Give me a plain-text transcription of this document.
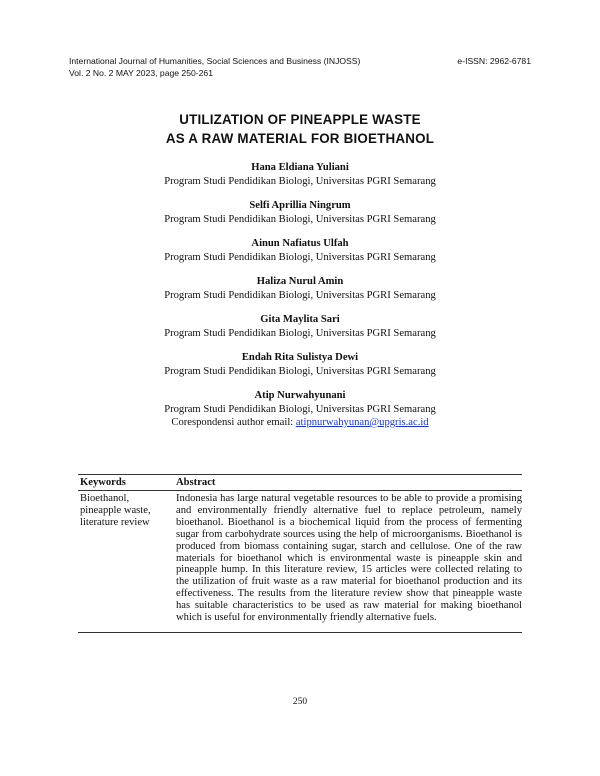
International Journal of Humanities, Social Sciences and Business (INJOSS)	e-ISSN: 2962-6781
Vol. 2 No. 2 MAY 2023, page 250-261
UTILIZATION OF PINEAPPLE WASTE
AS A RAW MATERIAL FOR BIOETHANOL
Hana Eldiana Yuliani
Program Studi Pendidikan Biologi, Universitas PGRI Semarang
Selfi Aprillia Ningrum
Program Studi Pendidikan Biologi, Universitas PGRI Semarang
Ainun Nafiatus Ulfah
Program Studi Pendidikan Biologi, Universitas PGRI Semarang
Haliza Nurul Amin
Program Studi Pendidikan Biologi, Universitas PGRI Semarang
Gita Maylita Sari
Program Studi Pendidikan Biologi, Universitas PGRI Semarang
Endah Rita Sulistya Dewi
Program Studi Pendidikan Biologi, Universitas PGRI Semarang
Atip Nurwahyunani
Program Studi Pendidikan Biologi, Universitas PGRI Semarang
Corespondensi author email: atipnurwahyunan@upgris.ac.id
Keywords	Abstract
Bioethanol,
pineapple waste,
literature review

Indonesia has large natural vegetable resources to be able to provide a promising and environmentally friendly alternative fuel to replace petroleum, namely bioethanol. Bioethanol is a biochemical liquid from the process of fermenting sugar from carbohydrate sources using the help of microorganisms. Bioethanol is produced from biomass containing sugar, starch and cellulose. One of the raw materials for bioethanol which is environmental waste is pineapple skin and pineapple hump. In this literature review, 15 articles were collected relating to the utilization of fruit waste as a raw material for bioethanol production and its effectiveness. The results from the literature review show that pineapple waste has suitable characteristics to be used as raw material for making bioethanol which is useful for environmentally friendly alternative fuels.

250
